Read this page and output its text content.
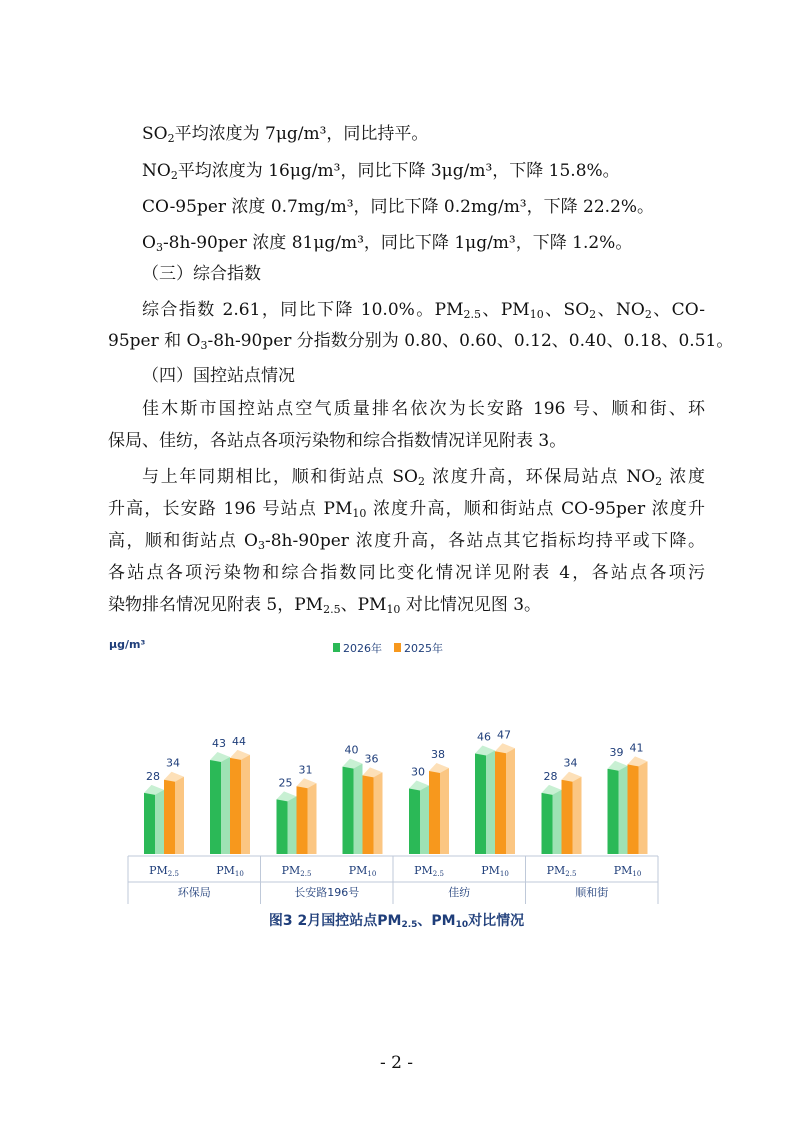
$SO_2$平均浓度为 7μg/m³，同比持平。

$NO_2$平均浓度为 16μg/m³，同比下降 3μg/m³，下降 15.8%。

CO-95per 浓度 0.7mg/m³，同比下降 0.2mg/m³，下降 22.2%。

$O_3-8h-90per$ 浓度 81μg/m³，同比下降 1μg/m³，下降 1.2%。

（三）综合指数

综合指数 2.61，同比下降 10.0%。$PM_{2.5}$、$PM_{10}$、$SO_2$、$NO_2$、CO-

95per 和 $O_3-8h-90per$ 分指数分别为 0.80、0.60、0.12、0.40、0.18、0.51。

（四）国控站点情况

佳木斯市国控站点空气质量排名依次为长安路 196 号、顺和街、环

保局、佳纺，各站点各项污染物和综合指数情况详见附表 3。

与上年同期相比，顺和街站点 $SO_2$ 浓度升高，环保局站点 $NO_2$ 浓度

升高，长安路 196 号站点 $PM_{10}$ 浓度升高，顺和街站点 CO-95per 浓度升

高，顺和街站点 $O_3-8h-90per$ 浓度升高，各站点其它指标均持平或下降。

各站点各项污染物和综合指数同比变化情况详见附表 4，各站点各项污

染物排名情况见附表 5，$PM_{2.5}$、$PM_{10}$ 对比情况见图 3。

μg/m³	2026年 2025年
28
34
43 44
25
31
40
36
30
38
46 47
28
34
39 41
PM2.5	PM10
环保局
PM2.5	PM10
长安路196号
PM2.5	PM10
佳纺
PM2.5	PM10
顺和街
图3 2月国控站点$PM_{2.5}$、$PM_{10}$对比情况
- 2 -
